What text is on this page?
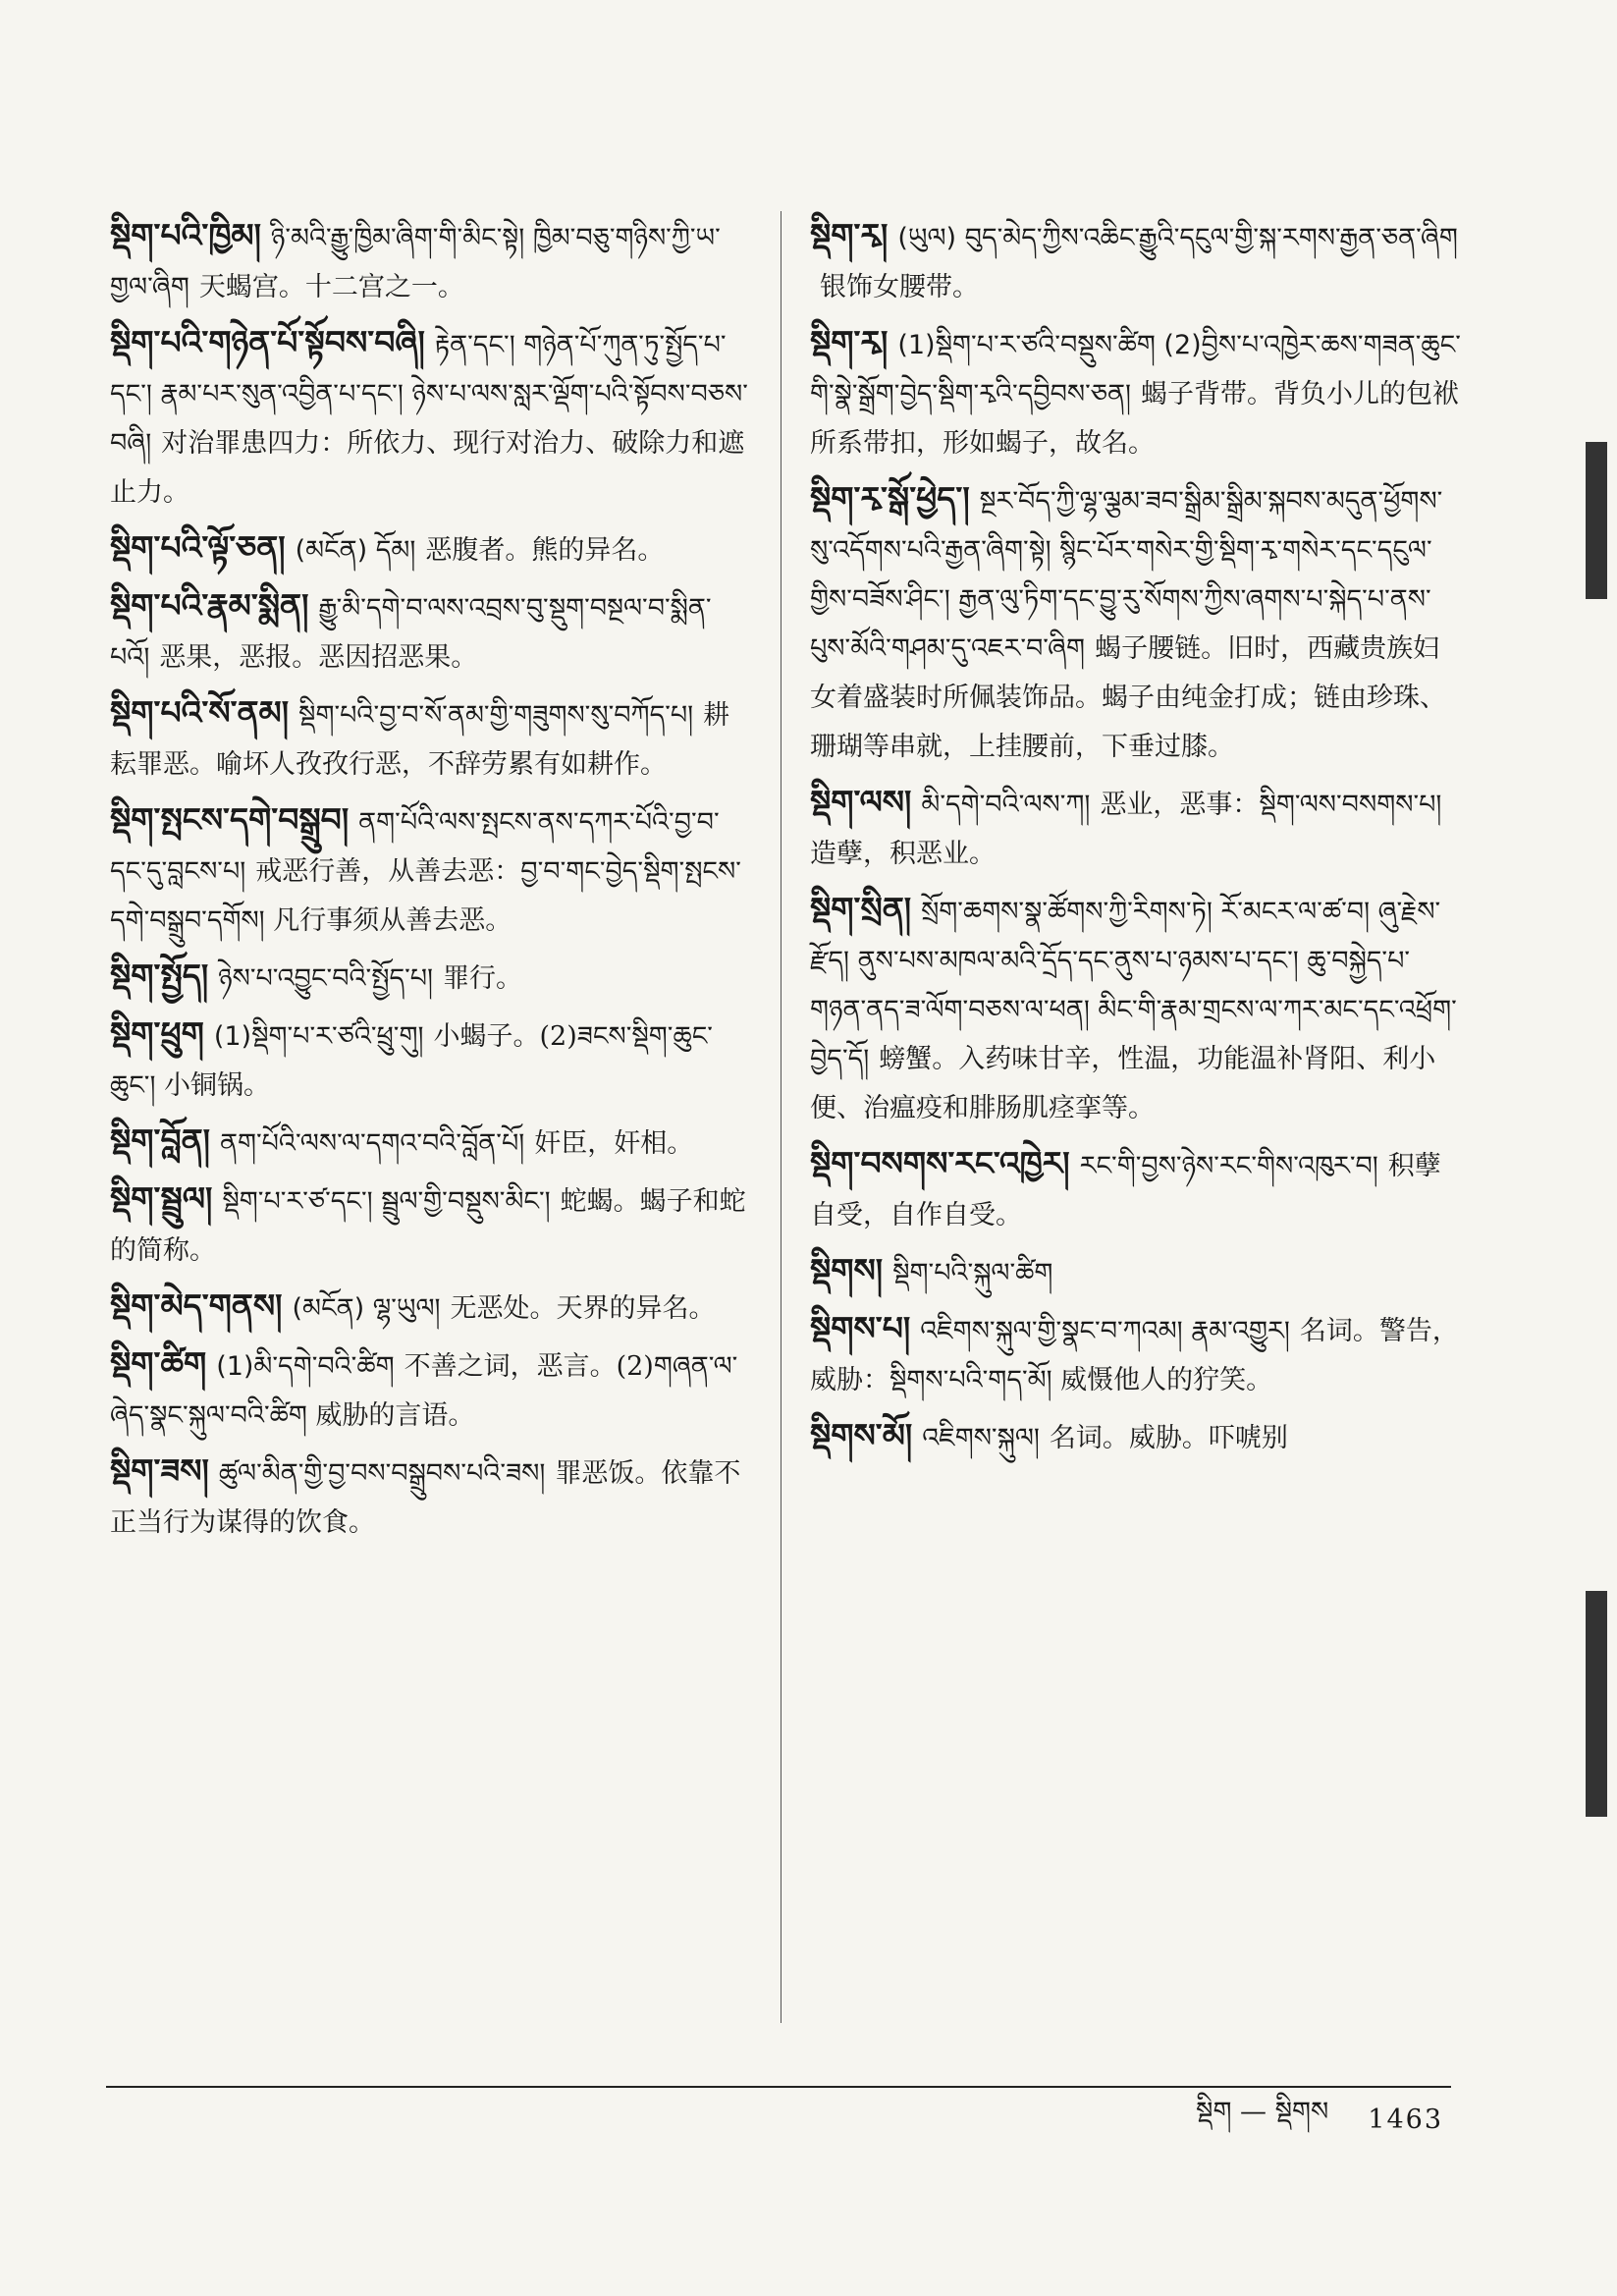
སྡིག་པའི་ཁྱིམ། ཉི་མའི་རྒྱུ་ཁྱིམ་ཞིག་གི་མིང་སྟེ། ཁྱིམ་བཅུ་གཉིས་ཀྱི་ཡ་གྱལ་ཞིག 天蝎宫。十二宫之一。
སྡིག་པའི་གཉེན་པོ་སྟོབས་བཞི། རྟེན་དང་། གཉེན་པོ་ཀུན་ཏུ་སྤྱོད་པ་དང་། རྣམ་པར་སུན་འབྱིན་པ་དང་། ཉེས་པ་ལས་སླར་ལྡོག་པའི་སྟོབས་བཅས་བཞི། 对治罪患四力：所依力、现行对治力、破除力和遮止力。
སྡིག་པའི་ལྟོ་ཅན། (མངོན) དོམ། 恶腹者。熊的异名。
སྡིག་པའི་རྣམ་སྨིན། རྒྱུ་མི་དགེ་བ་ལས་འབྲས་བུ་སྡུག་བསྔལ་བ་སྨིན་པའོ། 恶果，恶报。恶因招恶果。
སྡིག་པའི་སོ་ནམ། སྡིག་པའི་བྱ་བ་སོ་ནམ་གྱི་གཟུགས་སུ་བཀོད་པ། 耕耘罪恶。喻坏人孜孜行恶，不辞劳累有如耕作。
སྡིག་སྤངས་དགེ་བསྒྲུབ། ནག་པོའི་ལས་སྤངས་ནས་དཀར་པོའི་བྱ་བ་དང་དུ་བླངས་པ། 戒恶行善，从善去恶：བྱ་བ་གང་བྱེད་སྡིག་སྤངས་དགེ་བསྒྲུབ་དགོས། 凡行事须从善去恶。
སྡིག་སྤྱོད། ཉེས་པ་འབྱུང་བའི་སྤྱོད་པ། 罪行。
སྡིག་ཕྲུག (1)སྡིག་པ་ར་ཙའི་ཕྲུ་གུ། 小蝎子。(2)ཟངས་སྡིག་ཆུང་ཆུང་། 小铜锅。
སྡིག་བློན། ནག་པོའི་ལས་ལ་དགའ་བའི་བློན་པོ། 奸臣，奸相。
སྡིག་སྦྲུལ། སྡིག་པ་ར་ཙ་དང་། སྦྲུལ་གྱི་བསྡུས་མིང་། 蛇蝎。蝎子和蛇的简称。
སྡིག་མེད་གནས། (མངོན) ལྷ་ཡུལ། 无恶处。天界的异名。
སྡིག་ཚིག (1)མི་དགེ་བའི་ཚིག 不善之词，恶言。(2)གཞན་ལ་ཞེད་སྣང་སྐུལ་བའི་ཚིག 威胁的言语。
སྡིག་ཟས། ཚུལ་མིན་གྱི་བྱ་བས་བསྒྲུབས་པའི་ཟས། 罪恶饭。依靠不正当行为谋得的饮食。
སྡིག་རྭ། (ཡུལ) བུད་མེད་ཀྱིས་འཆིང་རྒྱུའི་དངུལ་གྱི་སྐ་རགས་རྒྱན་ཅན་ཞིག银饰女腰带。
སྡིག་རྭ། (1)སྡིག་པ་ར་ཙའི་བསྡུས་ཚིག (2)བྱིས་པ་འཁྱེར་ཆས་གཟན་ཆུང་གི་སྣེ་སྒྲོག་བྱེད་སྡིག་རྭའི་དབྱིབས་ཅན། 蝎子背带。背负小儿的包袱所系带扣，形如蝎子，故名。
སྡིག་རྭ་སྒོ་ཕྱེད་། སྔར་བོད་ཀྱི་ལྷ་ལྕམ་ཟབ་སྒྲིམ་སྒྲིམ་སྐབས་མདུན་ཕྱོགས་སུ་འདོགས་པའི་རྒྱན་ཞིག་སྟེ། སྙིང་པོར་གསེར་གྱི་སྡིག་རྭ་གསེར་དང་དངུལ་གྱིས་བཟོས་ཤིང་། རྒྱན་ལུ་ཏིག་དང་བྱུ་རུ་སོགས་ཀྱིས་ཞགས་པ་སྐེད་པ་ནས་པུས་མོའི་གཤམ་དུ་འཇར་བ་ཞིག 蝎子腰链。旧时，西藏贵族妇女着盛装时所佩装饰品。蝎子由纯金打成；链由珍珠、珊瑚等串就，上挂腰前，下垂过膝。
སྡིག་ལས། མི་དགེ་བའི་ལས་ཀ། 恶业，恶事：སྡིག་ལས་བསགས་པ། 造孽，积恶业。
སྡིག་སྲིན། སྲོག་ཆགས་སྣ་ཚོགས་ཀྱི་རིགས་ཏེ། རོ་མངར་ལ་ཚ་བ། ཞུ་རྗེས་རྫོད། ནུས་པས་མཁལ་མའི་དྲོད་དང་ནུས་པ་ཉམས་པ་དང་། ཆུ་བསྐྱེད་པ་གཉན་ནད་ཟ་ལོག་བཅས་ལ་ཕན། མིང་གི་རྣམ་གྲངས་ལ་ཀར་མང་དང་འཕྲོག་བྱེད་དོ། 螃蟹。入药味甘辛，性温，功能温补肾阳、利小便、治瘟疫和腓肠肌痉挛等。
སྡིག་བསགས་རང་འཁྱེར། རང་གི་བྱས་ཉེས་རང་གིས་འཁུར་བ། 积孽自受，自作自受。
སྡིགས། སྡིག་པའི་སྐུལ་ཚིག
སྡིགས་པ། འཇིགས་སྐུལ་གྱི་སྣང་བ་ཀའམ། རྣམ་འགྱུར། 名词。警告，威胁：སྡིགས་པའི་གད་མོ། 威慑他人的狞笑。
སྡིགས་མོ། འཇིགས་སྐུལ། 名词。威胁。吓唬别
སྡིག — སྡིགས 1463
